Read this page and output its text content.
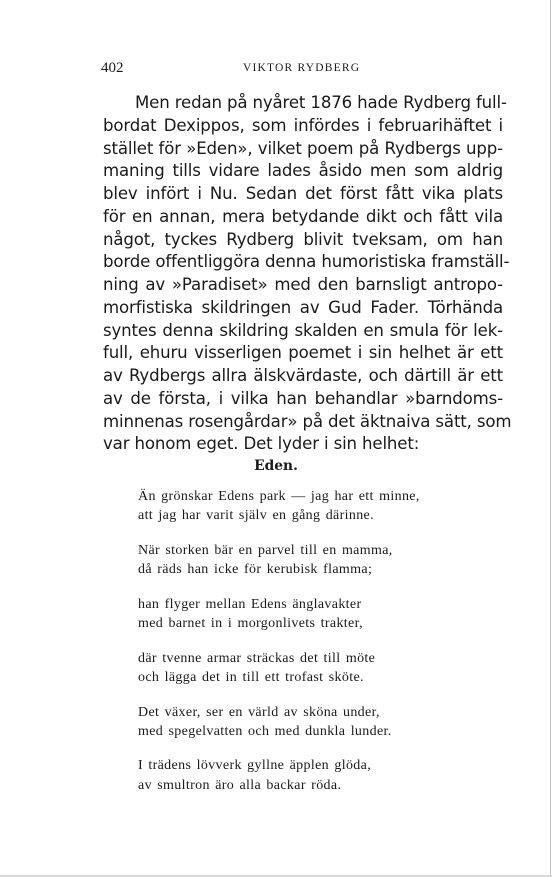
402	VIKTOR RYDBERG
Men redan på nyåret 1876 hade Rydberg full-
bordat Dexippos, som infördes i februarihäftet i
stället för »Eden», vilket poem på Rydbergs upp-
maning tills vidare lades åsido men som aldrig
blev infört i Nu. Sedan det först fått vika plats
för en annan, mera betydande dikt och fått vila
något, tyckes Rydberg blivit tveksam, om han
borde offentliggöra denna humoristiska framställ-
ning av »Paradiset» med den barnsligt antropo-
morfistiska skildringen av Gud Fader. Törhända
syntes denna skildring skalden en smula för lek-
full, ehuru visserligen poemet i sin helhet är ett
av Rydbergs allra älskvärdaste, och därtill är ett
av de första, i vilka han behandlar »barndoms-
minnenas rosengårdar» på det äktnaiva sätt, som
var honom eget. Det lyder i sin helhet:
Eden.
Än grönskar Edens park — jag har ett minne,
att jag har varit själv en gång därinne.
När storken bär en parvel till en mamma,
då räds han icke för kerubisk flamma;
han flyger mellan Edens änglavakter
med barnet in i morgonlivets trakter,
där tvenne armar sträckas det till möte
och lägga det in till ett trofast sköte.
Det växer, ser en värld av sköna under,
med spegelvatten och med dunkla lunder.
I trädens lövverk gyllne äpplen glöda,
av smultron äro alla backar röda.
